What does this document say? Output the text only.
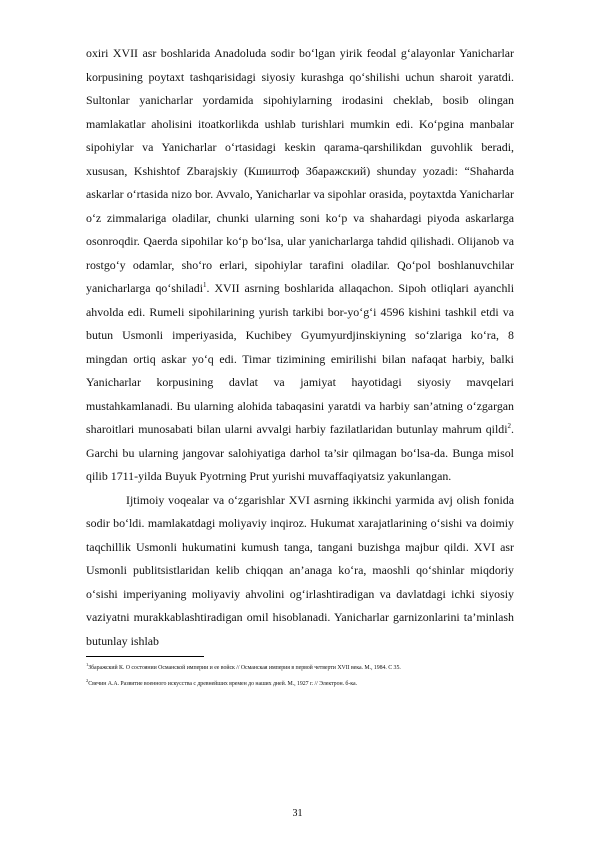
oxiri XVII asr boshlarida Anadoluda sodir bo‘lgan yirik feodal g‘alayonlar Yanicharlar korpusining poytaxt tashqarisidagi siyosiy kurashga qo‘shilishi uchun sharoit yaratdi. Sultonlar yanicharlar yordamida sipohiylarning irodasini cheklab, bosib olingan mamlakatlar aholisini itoatkorlikda ushlab turishlari mumkin edi. Ko‘pgina manbalar sipohiylar va Yanicharlar o‘rtasidagi keskin qarama-qarshilikdan guvohlik beradi, xususan, Kshishtof Zbarajskiy (Кшиштоф Збаражский) shunday yozadi: “Shaharda askarlar o‘rtasida nizo bor. Avvalo, Yanicharlar va sipohlar orasida, poytaxtda Yanicharlar o‘z zimmalariga oladilar, chunki ularning soni ko‘p va shahardagi piyoda askarlarga osonroqdir. Qaerda sipohilar ko‘p bo‘lsa, ular yanicharlarga tahdid qilishadi. Olijanob va rostgo‘y odamlar, sho‘ro erlari, sipohiylar tarafini oladilar. Qo‘pol boshlanuvchilar yanicharlarga qo‘shiladi$^1$. XVII asrning boshlarida allaqachon. Sipoh otliqlari ayanchli ahvolda edi. Rumeli sipohilarining yurish tarkibi bor-yo‘g‘i 4596 kishini tashkil etdi va butun Usmonli imperiyasida, Kuchibey Gyumyurdjinskiyning so‘zlariga ko‘ra, 8 mingdan ortiq askar yo‘q edi. Timar tizimining emirilishi bilan nafaqat harbiy, balki Yanicharlar korpusining davlat va jamiyat hayotidagi siyosiy mavqelari mustahkamlanadi. Bu ularning alohida tabaqasini yaratdi va harbiy san’atning o‘zgargan sharoitlari munosabati bilan ularni avvalgi harbiy fazilatlaridan butunlay mahrum qildi$^2$. Garchi bu ularning jangovar salohiyatiga darhol ta’sir qilmagan bo‘lsa-da. Bunga misol qilib 1711-yilda Buyuk Pyotrning Prut yurishi muvaffaqiyatsiz yakunlangan.

Ijtimoiy voqealar va o‘zgarishlar XVI asrning ikkinchi yarmida avj olish fonida sodir bo‘ldi. mamlakatdagi moliyaviy inqiroz. Hukumat xarajatlarining o‘sishi va doimiy taqchillik Usmonli hukumatini kumush tanga, tangani buzishga majbur qildi. XVI asr Usmonli publitsistlaridan kelib chiqqan an’anaga ko‘ra, maoshli qo‘shinlar miqdoriy o‘sishi imperiyaning moliyaviy ahvolini og‘irlashtiradigan va davlatdagi ichki siyosiy vaziyatni murakkablashtiradigan omil hisoblanadi. Yanicharlar garnizonlarini ta’minlash butunlay ishlab

$^1$Збаражский К. О состоянии Османской империи и ее войск // Османская империя в первой четверти XVII века. М., 1984. С 35.

$^2$Свечин А.А. Развитие военного искусства с древнейших времен до наших дней. М., 1927 г. // Электрон. б-ка.

31
